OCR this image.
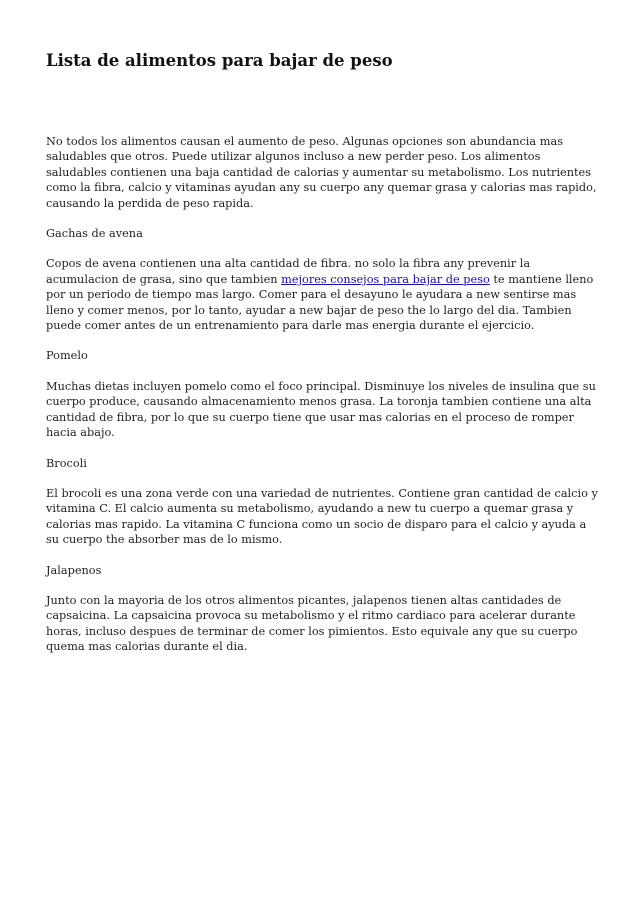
Lista de alimentos para bajar de peso

No todos los alimentos causan el aumento de peso. Algunas opciones son abundancia mas saludables que otros. Puede utilizar algunos incluso a new perder peso. Los alimentos saludables contienen una baja cantidad de calorias y aumentar su metabolismo. Los nutrientes como la fibra, calcio y vitaminas ayudan any su cuerpo any quemar grasa y calorias mas rapido, causando la perdida de peso rapida.

Gachas de avena

Copos de avena contienen una alta cantidad de fibra. no solo la fibra any prevenir la acumulacion de grasa, sino que tambien mejores consejos para bajar de peso te mantiene lleno por un periodo de tiempo mas largo. Comer para el desayuno le ayudara a new sentirse mas lleno y comer menos, por lo tanto, ayudar a new bajar de peso the lo largo del dia. Tambien puede comer antes de un entrenamiento para darle mas energia durante el ejercicio.

Pomelo

Muchas dietas incluyen pomelo como el foco principal. Disminuye los niveles de insulina que su cuerpo produce, causando almacenamiento menos grasa. La toronja tambien contiene una alta cantidad de fibra, por lo que su cuerpo tiene que usar mas calorias en el proceso de romper hacia abajo.

Brocoli

El brocoli es una zona verde con una variedad de nutrientes. Contiene gran cantidad de calcio y vitamina C. El calcio aumenta su metabolismo, ayudando a new tu cuerpo a quemar grasa y calorias mas rapido. La vitamina C funciona como un socio de disparo para el calcio y ayuda a su cuerpo the absorber mas de lo mismo.

Jalapenos

Junto con la mayoria de los otros alimentos picantes, jalapenos tienen altas cantidades de capsaicina. La capsaicina provoca su metabolismo y el ritmo cardiaco para acelerar durante horas, incluso despues de terminar de comer los pimientos. Esto equivale any que su cuerpo quema mas calorias durante el dia.
